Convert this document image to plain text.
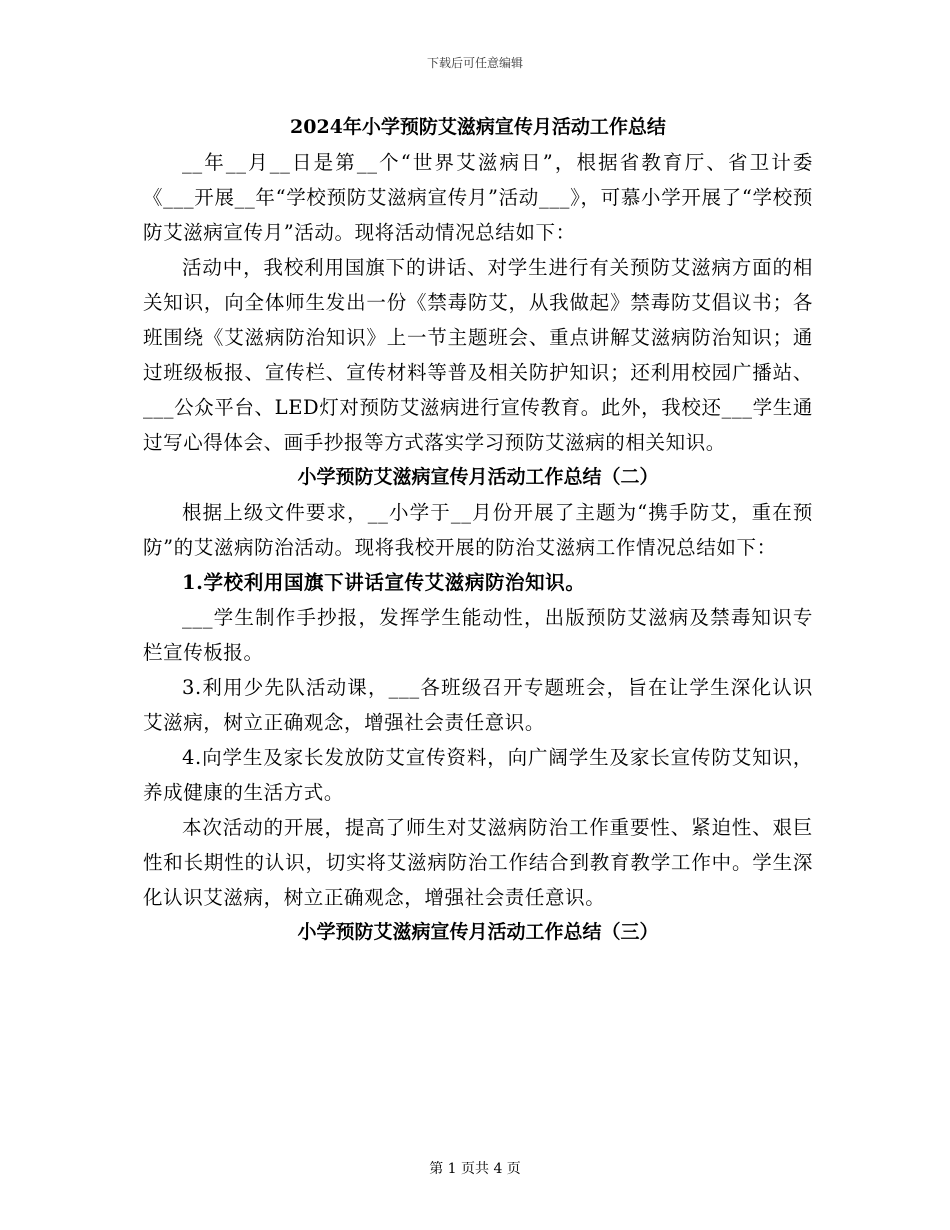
下载后可任意编辑
2024年小学预防艾滋病宣传月活动工作总结

__年__月__日是第__个“世界艾滋病日”，根据省教育厅、省卫计委《___开展__年“学校预防艾滋病宣传月”活动___》，可慕小学开展了“学校预防艾滋病宣传月”活动。现将活动情况总结如下：

活动中，我校利用国旗下的讲话、对学生进行有关预防艾滋病方面的相关知识，向全体师生发出一份《禁毒防艾，从我做起》禁毒防艾倡议书；各班围绕《艾滋病防治知识》上一节主题班会、重点讲解艾滋病防治知识；通过班级板报、宣传栏、宣传材料等普及相关防护知识；还利用校园广播站、___公众平台、LED灯对预防艾滋病进行宣传教育。此外，我校还___学生通过写心得体会、画手抄报等方式落实学习预防艾滋病的相关知识。

小学预防艾滋病宣传月活动工作总结（二）

根据上级文件要求，__小学于__月份开展了主题为“携手防艾，重在预防”的艾滋病防治活动。现将我校开展的防治艾滋病工作情况总结如下：

1.学校利用国旗下讲话宣传艾滋病防治知识。

___学生制作手抄报，发挥学生能动性，出版预防艾滋病及禁毒知识专栏宣传板报。

3.利用少先队活动课，___各班级召开专题班会，旨在让学生深化认识艾滋病，树立正确观念，增强社会责任意识。

4.向学生及家长发放防艾宣传资料，向广阔学生及家长宣传防艾知识，养成健康的生活方式。

本次活动的开展，提高了师生对艾滋病防治工作重要性、紧迫性、艰巨性和长期性的认识，切实将艾滋病防治工作结合到教育教学工作中。学生深化认识艾滋病，树立正确观念，增强社会责任意识。

小学预防艾滋病宣传月活动工作总结（三）
第 1 页共 4 页
